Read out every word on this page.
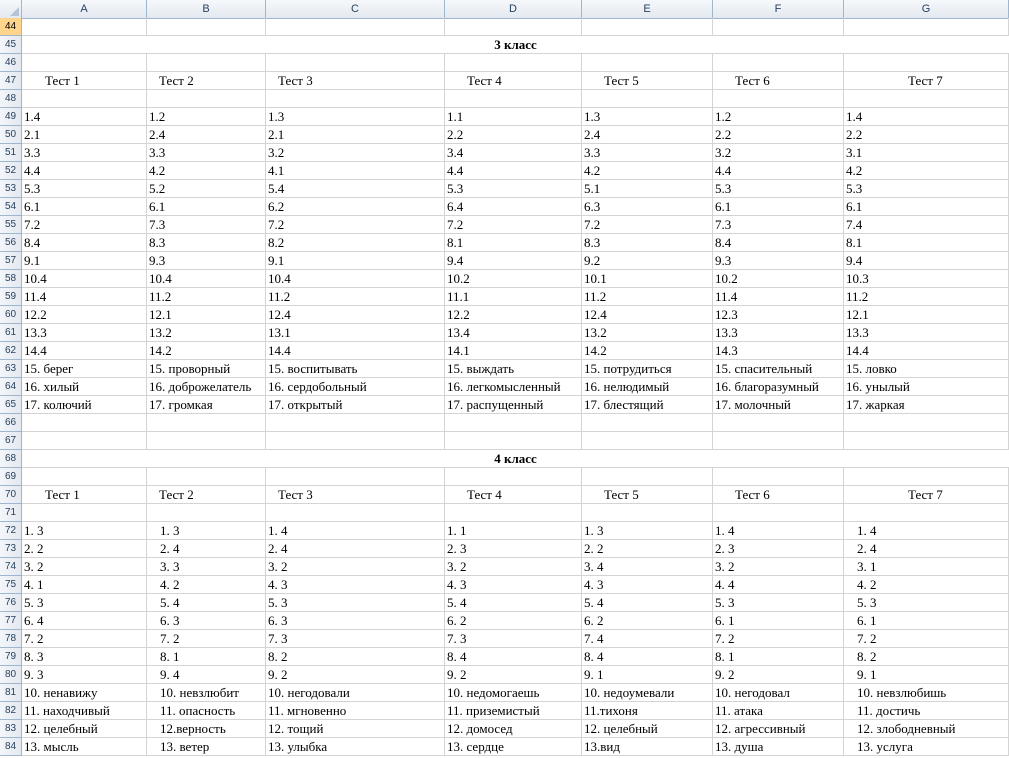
A	B	C	D	E	F	G
44
45	3 класс
46
47	Тест 1	Тест 2	Тест 3	Тест 4	Тест 5	Тест 6	Тест 7
48
49 1.4	1.2	1.3	1.1	1.3	1.2	1.4
50 2.1	2.4	2.1	2.2	2.4	2.2	2.2
51 3.3	3.3	3.2	3.4	3.3	3.2	3.1
52 4.4	4.2	4.1	4.4	4.2	4.4	4.2
53 5.3	5.2	5.4	5.3	5.1	5.3	5.3
54 6.1	6.1	6.2	6.4	6.3	6.1	6.1
55 7.2	7.3	7.2	7.2	7.2	7.3	7.4
56 8.4	8.3	8.2	8.1	8.3	8.4	8.1
57 9.1	9.3	9.1	9.4	9.2	9.3	9.4
58 10.4	10.4	10.4	10.2	10.1	10.2	10.3
59 11.4	11.2	11.2	11.1	11.2	11.4	11.2
60 12.2	12.1	12.4	12.2	12.4	12.3	12.1
61 13.3	13.2	13.1	13.4	13.2	13.3	13.3
62 14.4	14.2	14.4	14.1	14.2	14.3	14.4
63 15. берег	15. проворный	15. воспитывать	15. выждать	15. потрудиться	15. спасительный	15. ловко
64 16. хилый	16. доброжелатель	16. сердобольный	16. легкомысленный	16. нелюдимый	16. благоразумный	16. унылый
65 17. колючий	17. громкая	17. открытый	17. распущенный	17. блестящий	17. молочный	17. жаркая
66
67
68	4 класс
69
70	Тест 1	Тест 2	Тест 3	Тест 4	Тест 5	Тест 6	Тест 7
71
72 1. 3	1. 3	1. 4	1. 1	1. 3	1. 4	1. 4
73 2. 2	2. 4	2. 4	2. 3	2. 2	2. 3	2. 4
74 3. 2	3. 3	3. 2	3. 2	3. 4	3. 2	3. 1
75 4. 1	4. 2	4. 3	4. 3	4. 3	4. 4	4. 2
76 5. 3	5. 4	5. 3	5. 4	5. 4	5. 3	5. 3
77 6. 4	6. 3	6. 3	6. 2	6. 2	6. 1	6. 1
78 7. 2	7. 2	7. 3	7. 3	7. 4	7. 2	7. 2
79 8. 3	8. 1	8. 2	8. 4	8. 4	8. 1	8. 2
80 9. 3	9. 4	9. 2	9. 2	9. 1	9. 2	9. 1
81 10. ненавижу	10. невзлюбит	10. негодовали	10. недомогаешь	10. недоумевали	10. негодовал	10. невзлюбишь
82 11. находчивый	11. опасность	11. мгновенно	11. приземистый	11.тихоня	11. атака	11. достичь
83 12. целебный	12.верность	12. тощий	12. домосед	12. целебный	12. агрессивный	12. злободневный
84 13. мысль	13. ветер	13. улыбка	13. сердце	13.вид	13. душа	13. услуга
